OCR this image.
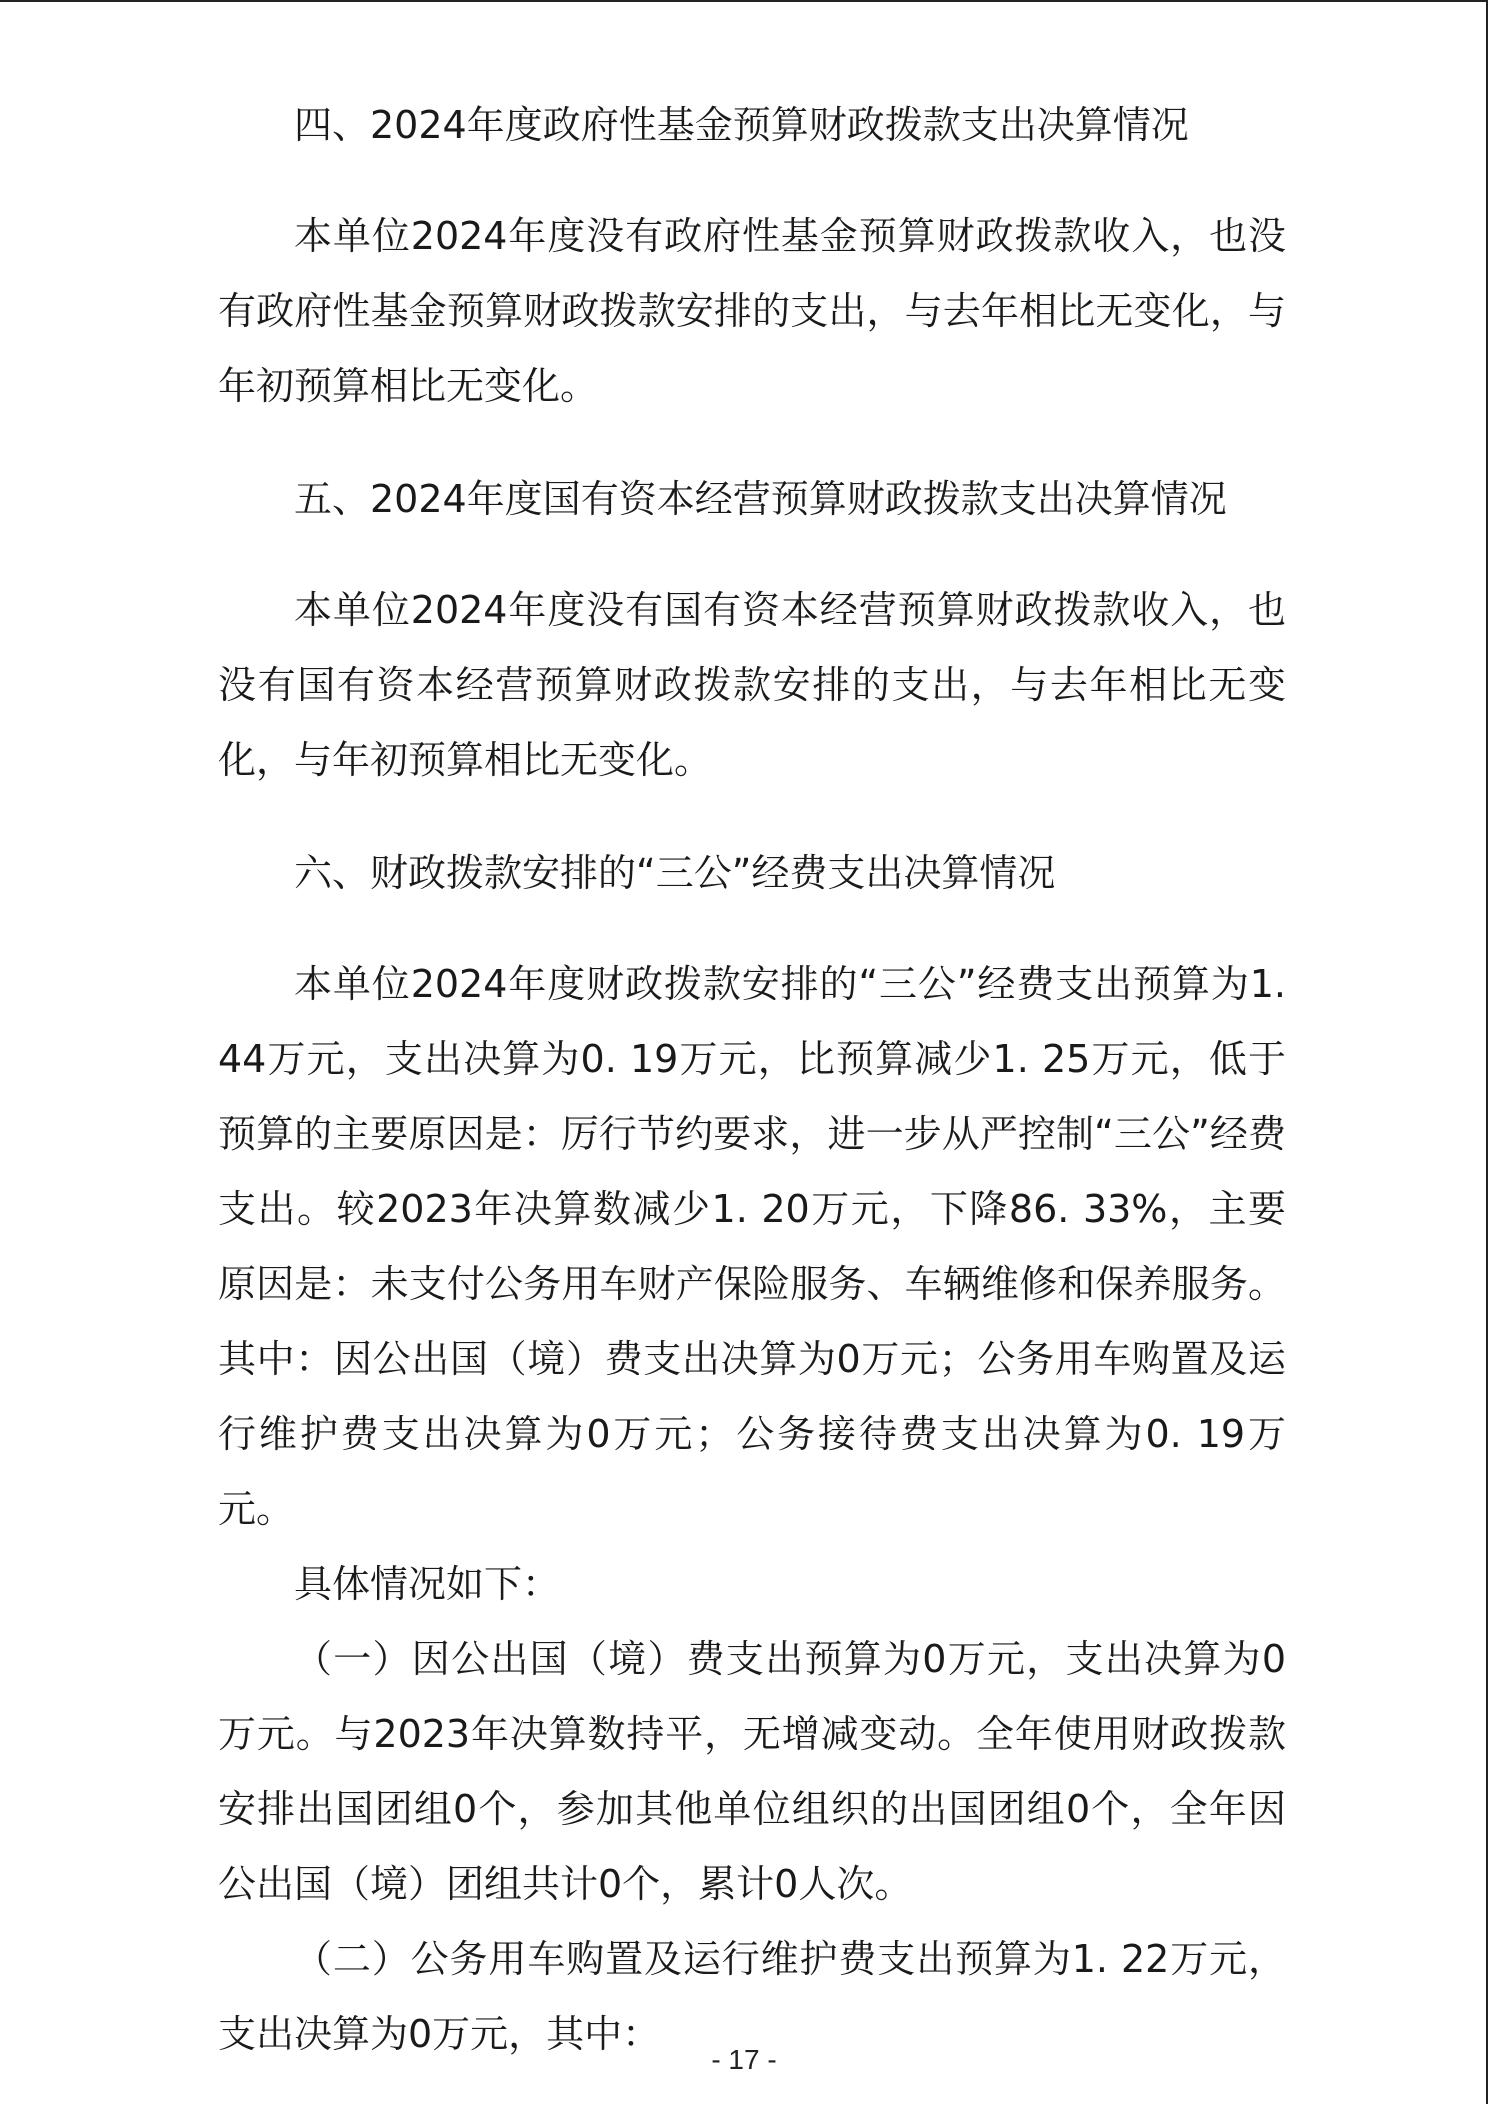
四、2024年度政府性基金预算财政拨款支出决算情况

本单位2024年度没有政府性基金预算财政拨款收入，也没有政府性基金预算财政拨款安排的支出，与去年相比无变化，与年初预算相比无变化。

五、2024年度国有资本经营预算财政拨款支出决算情况

本单位2024年度没有国有资本经营预算财政拨款收入，也没有国有资本经营预算财政拨款安排的支出，与去年相比无变化，与年初预算相比无变化。

六、财政拨款安排的“三公”经费支出决算情况

本单位2024年度财政拨款安排的“三公”经费支出预算为1. 44万元，支出决算为0. 19万元，比预算减少1. 25万元，低于预算的主要原因是：厉行节约要求，进一步从严控制“三公”经费支出。较2023年决算数减少1. 20万元，下降86. 33%，主要原因是：未支付公务用车财产保险服务、车辆维修和保养服务。其中：因公出国（境）费支出决算为0万元；公务用车购置及运行维护费支出决算为0万元；公务接待费支出决算为0. 19万元。

具体情况如下：

（一）因公出国（境）费支出预算为0万元，支出决算为0万元。与2023年决算数持平，无增减变动。全年使用财政拨款安排出国团组0个，参加其他单位组织的出国团组0个，全年因公出国（境）团组共计0个，累计0人次。

（二）公务用车购置及运行维护费支出预算为1. 22万元，支出决算为0万元，其中：

- 17 -
